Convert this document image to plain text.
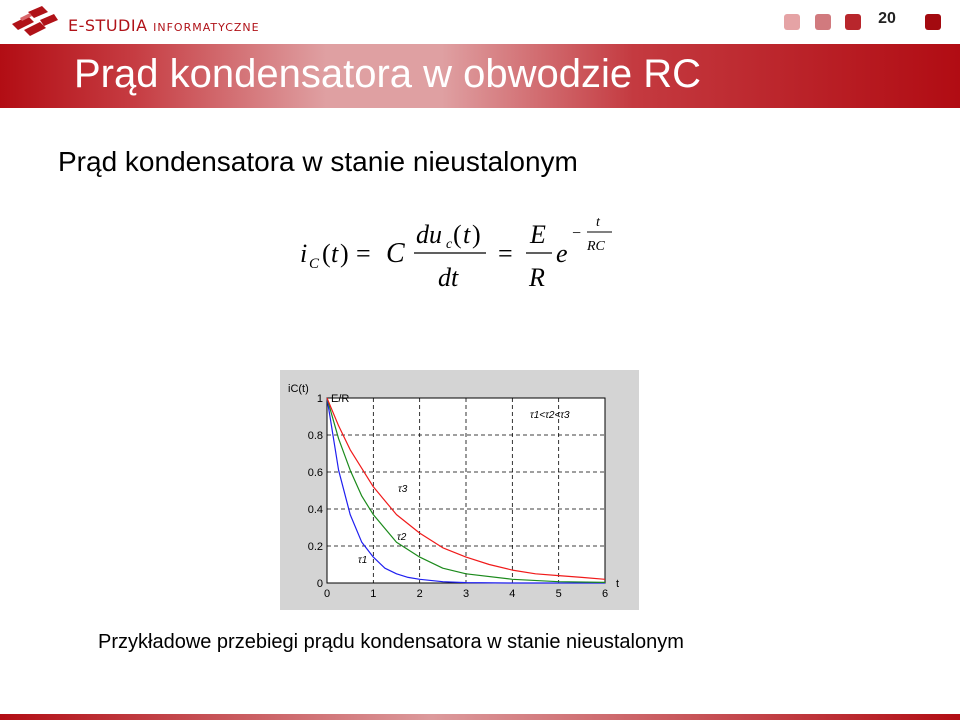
E-STUDIA INFORMATYCZNE
20
Prąd kondensatora w obwodzie RC
Prąd kondensatora w stanie nieustalonym
i C ( t ) = C
du c ( t )
dt
=
E
R
e
−
t
RC
0	1	2	3	4	5	6
0
0.2
0.4
0.6
0.8
1
iC(t)
t
E/R
τ1<τ2<τ3
τ3
τ2
τ1
Przykładowe przebiegi prądu kondensatora w stanie nieustalonym
